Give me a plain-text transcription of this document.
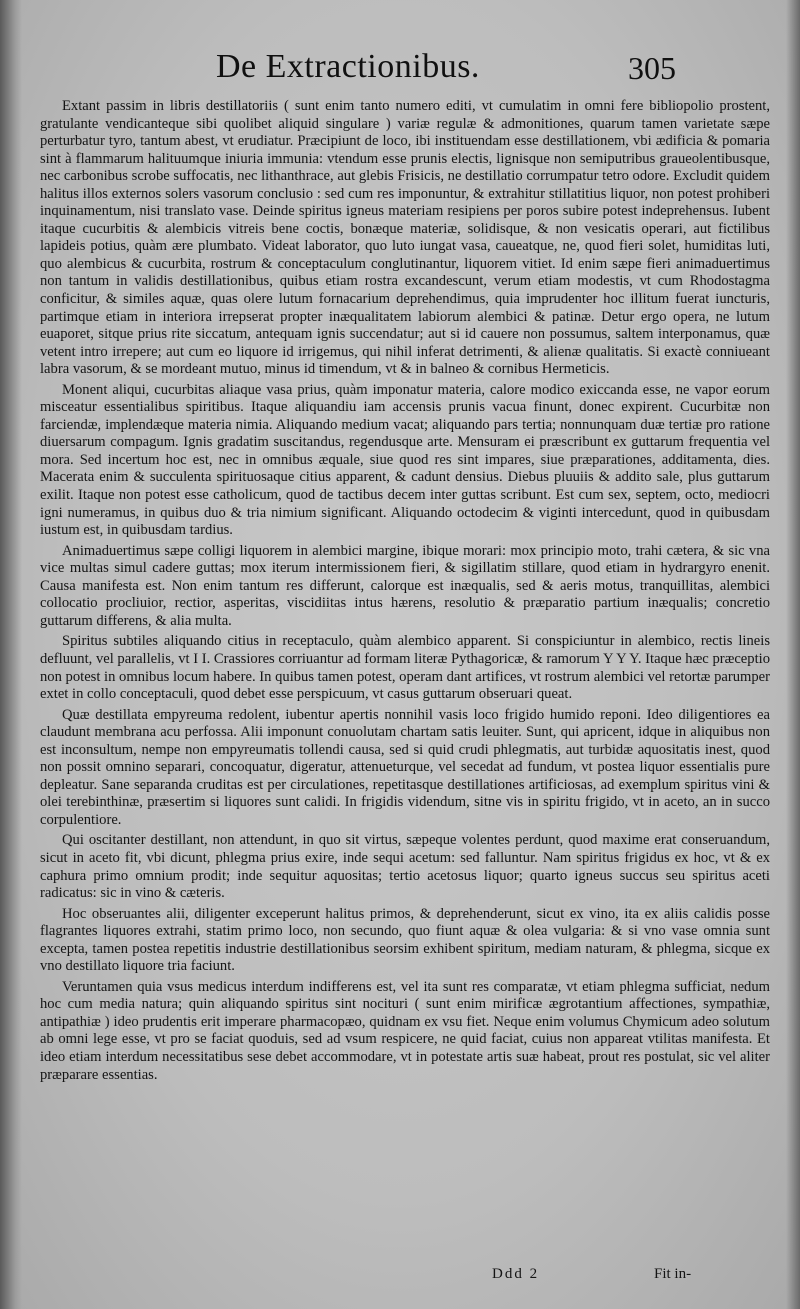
De Extractionibus.	305

Extant passim in libris destillatoriis ( sunt enim tanto numero editi, vt cumulatim in omni fere bibliopolio prostent, gratulante vendicanteque sibi quolibet aliquid singulare ) variæ regulæ & admonitiones, quarum tamen varietate sæpe perturbatur tyro, tantum abest, vt erudiatur. Præcipiunt de loco, ibi instituendam esse destillationem, vbi ædificia & pomaria sint à flammarum halituumque iniuria immunia: vtendum esse prunis electis, lignisque non semiputribus graueolentibusque, nec carbonibus scrobe suffocatis, nec lithanthrace, aut glebis Frisicis, ne destillatio corrumpatur tetro odore. Excludit quidem halitus illos externos solers vasorum conclusio : sed cum res imponuntur, & extrahitur stillatitius liquor, non potest prohiberi inquinamentum, nisi translato vase. Deinde spiritus igneus materiam resipiens per poros subire potest indeprehensus. Iubent itaque cucurbitis & alembicis vitreis bene coctis, bonæque materiæ, solidisque, & non vesicatis operari, aut fictilibus lapideis potius, quàm ære plumbato. Videat laborator, quo luto iungat vasa, caueatque, ne, quod fieri solet, humiditas luti, quo alembicus & cucurbita, rostrum & conceptaculum conglutinantur, liquorem vitiet. Id enim sæpe fieri animaduertimus non tantum in validis destillationibus, quibus etiam rostra excandescunt, verum etiam modestis, vt cum Rhodostagma conficitur, & similes aquæ, quas olere lutum fornacarium deprehendimus, quia imprudenter hoc illitum fuerat iuncturis, partimque etiam in interiora irrepserat propter inæqualitatem labiorum alembici & patinæ. Detur ergo opera, ne lutum euaporet, sitque prius rite siccatum, antequam ignis succendatur; aut si id cauere non possumus, saltem interponamus, quæ vetent intro irrepere; aut cum eo liquore id irrigemus, qui nihil inferat detrimenti, & alienæ qualitatis. Si exactè conniueant labra vasorum, & se mordeant mutuo, minus id timendum, vt & in balneo & cornibus Hermeticis.

Monent aliqui, cucurbitas aliaque vasa prius, quàm imponatur materia, calore modico exiccanda esse, ne vapor eorum misceatur essentialibus spiritibus. Itaque aliquandiu iam accensis prunis vacua finunt, donec expirent. Cucurbitæ non farciendæ, implendæque materia nimia. Aliquando medium vacat; aliquando pars tertia; nonnunquam duæ tertiæ pro ratione diuersarum compagum. Ignis gradatim suscitandus, regendusque arte. Mensuram ei præscribunt ex guttarum frequentia vel mora. Sed incertum hoc est, nec in omnibus æquale, siue quod res sint impares, siue præparationes, additamenta, dies. Macerata enim & succulenta spirituosaque citius apparent, & cadunt densius. Diebus pluuiis & addito sale, plus guttarum exilit. Itaque non potest esse catholicum, quod de tactibus decem inter guttas scribunt. Est cum sex, septem, octo, mediocri igni numeramus, in quibus duo & tria nimium significant. Aliquando octodecim & viginti intercedunt, quod in quibusdam iustum est, in quibusdam tardius.

Animaduertimus sæpe colligi liquorem in alembici margine, ibique morari: mox principio moto, trahi cætera, & sic vna vice multas simul cadere guttas; mox iterum intermissionem fieri, & sigillatim stillare, quod etiam in hydrargyro enenit. Causa manifesta est. Non enim tantum res differunt, calorque est inæqualis, sed & aeris motus, tranquillitas, alembici collocatio procliuior, rectior, asperitas, viscidiitas intus hærens, resolutio & præparatio partium inæqualis; concretio guttarum differens, & alia multa.

Spiritus subtiles aliquando citius in receptaculo, quàm alembico apparent. Si conspiciuntur in alembico, rectis lineis defluunt, vel parallelis, vt I I. Crassiores corriuantur ad formam literæ Pythagoricæ, & ramorum Y Y Y. Itaque hæc præceptio non potest in omnibus locum habere. In quibus tamen potest, operam dant artifices, vt rostrum alembici vel retortæ parumper extet in collo conceptaculi, quod debet esse perspicuum, vt casus guttarum obseruari queat.

Quæ destillata empyreuma redolent, iubentur apertis nonnihil vasis loco frigido humido reponi. Ideo diligentiores ea claudunt membrana acu perfossa. Alii imponunt conuolutam chartam satis leuiter. Sunt, qui apricent, idque in aliquibus non est inconsultum, nempe non empyreumatis tollendi causa, sed si quid crudi phlegmatis, aut turbidæ aquositatis inest, quod non possit omnino separari, concoquatur, digeratur, attenueturque, vel secedat ad fundum, vt postea liquor essentialis pure depleatur. Sane separanda cruditas est per circulationes, repetitasque destillationes artificiosas, ad exemplum spiritus vini & olei terebinthinæ, præsertim si liquores sunt calidi. In frigidis videndum, sitne vis in spiritu frigido, vt in aceto, an in succo corpulentiore.

Qui oscitanter destillant, non attendunt, in quo sit virtus, sæpeque volentes perdunt, quod maxime erat conseruandum, sicut in aceto fit, vbi dicunt, phlegma prius exire, inde sequi acetum: sed falluntur. Nam spiritus frigidus ex hoc, vt & ex caphura primo omnium prodit; inde sequitur aquositas; tertio acetosus liquor; quarto igneus succus seu spiritus aceti radicatus: sic in vino & cæteris.

Hoc obseruantes alii, diligenter exceperunt halitus primos, & deprehenderunt, sicut ex vino, ita ex aliis calidis posse flagrantes liquores extrahi, statim primo loco, non secundo, quo fiunt aquæ & olea vulgaria: & si vno vase omnia sunt excepta, tamen postea repetitis industrie destillationibus seorsim exhibent spiritum, mediam naturam, & phlegma, sicque ex vno destillato liquore tria faciunt.

Veruntamen quia vsus medicus interdum indifferens est, vel ita sunt res comparatæ, vt etiam phlegma sufficiat, nedum hoc cum media natura; quin aliquando spiritus sint nocituri ( sunt enim mirificæ ægrotantium affectiones, sympathiæ, antipathiæ ) ideo prudentis erit imperare pharmacopæo, quidnam ex vsu fiet. Neque enim volumus Chymicum adeo solutum ab omni lege esse, vt pro se faciat quoduis, sed ad vsum respicere, ne quid faciat, cuius non appareat vtilitas manifesta. Et ideo etiam interdum necessitatibus sese debet accommodare, vt in potestate artis suæ habeat, prout res postulat, sic vel aliter præparare essentias.

Ddd 2	Fit in-
